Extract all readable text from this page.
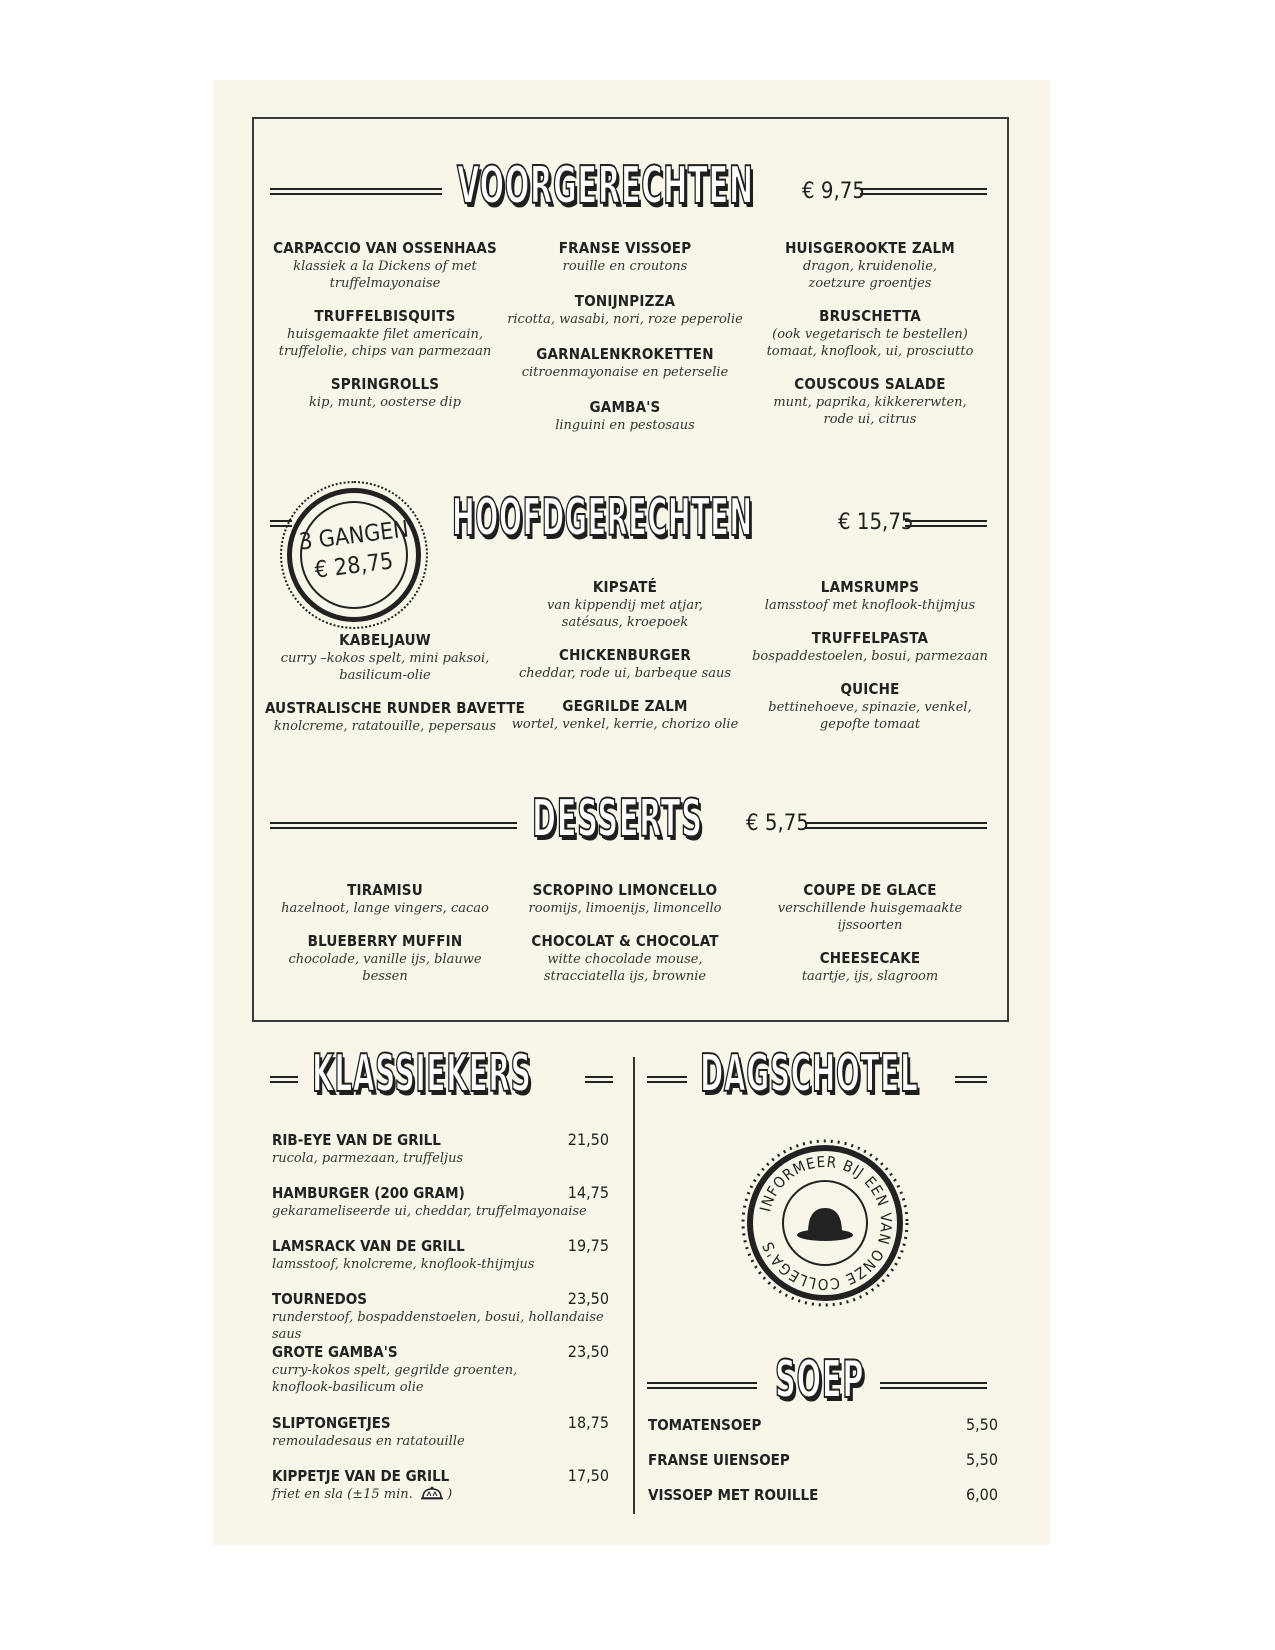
VOORGERECHTEN € 9,75
CARPACCIO VAN OSSENHAAS
klassiek a la Dickens of met
truffelmayonaise
TRUFFELBISQUITS
huisgemaakte filet americain,
truffelolie, chips van parmezaan
SPRINGROLLS
kip, munt, oosterse dip
FRANSE VISSOEP
rouille en croutons
TONIJNPIZZA
ricotta, wasabi, nori, roze peperolie
GARNALENKROKETTEN
citroenmayonaise en peterselie
GAMBA'S
linguini en pestosaus
HUISGEROOKTE ZALM
dragon, kruidenolie,
zoetzure groentjes
BRUSCHETTA
(ook vegetarisch te bestellen)
tomaat, knoflook, ui, prosciutto
COUSCOUS SALADE
munt, paprika, kikkererwten,
rode ui, citrus
3 GANGEN
€ 28,75
HOOFDGERECHTEN	€ 15,75
KABELJAUW
curry –kokos spelt, mini paksoi,
basilicum-olie
AUSTRALISCHE RUNDER BAVETTE
knolcreme, ratatouille, pepersaus
KIPSATÉ
van kippendij met atjar,
satésaus, kroepoek
CHICKENBURGER
cheddar, rode ui, barbeque saus
GEGRILDE ZALM
wortel, venkel, kerrie, chorizo olie
LAMSRUMPS
lamsstoof met knoflook-thijmjus
TRUFFELPASTA
bospaddestoelen, bosui, parmezaan
QUICHE
bettinehoeve, spinazie, venkel,
gepofte tomaat
DESSERTS € 5,75
TIRAMISU
hazelnoot, lange vingers, cacao
BLUEBERRY MUFFIN
chocolade, vanille ijs, blauwe bessen
SCROPINO LIMONCELLO
roomijs, limoenijs, limoncello
CHOCOLAT & CHOCOLAT
witte chocolade mouse,
stracciatella ijs, brownie
COUPE DE GLACE
verschillende huisgemaakte ijssoorten
CHEESECAKE
taartje, ijs, slagroom
KLASSIEKERS
RIB-EYE VAN DE GRILL	21,50
rucola, parmezaan, truffeljus
HAMBURGER (200 GRAM)	14,75
gekarameliseerde ui, cheddar, truffelmayonaise
LAMSRACK VAN DE GRILL	19,75
lamsstoof, knolcreme, knoflook-thijmjus
TOURNEDOS	23,50
runderstoof, bospaddenstoelen, bosui, hollandaise saus
GROTE GAMBA'S	23,50
curry-kokos spelt, gegrilde groenten,
knoflook-basilicum olie
SLIPTONGETJES	18,75
remouladesaus en ratatouille
KIPPETJE VAN DE GRILL	17,50
friet en sla (±15 min.	)
DAGSCHOTEL
INFORMEER BIJ EEN VAN ONZE COLLEGA'S
SOEP
TOMATENSOEP	5,50
FRANSE UIENSOEP	5,50
VISSOEP MET ROUILLE	6,00
